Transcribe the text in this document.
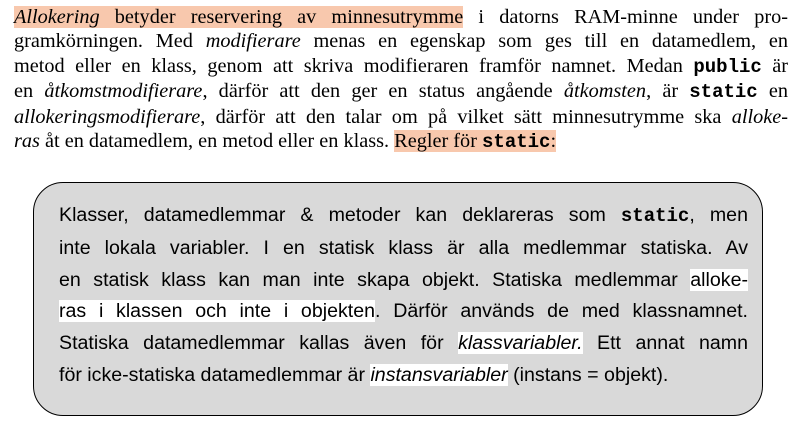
Allokering betyder reservering av minnesutrymme i datorns RAM-minne under pro-
gramkörningen. Med modifierare menas en egenskap som ges till en datamedlem, en
metod eller en klass, genom att skriva modifieraren framför namnet. Medan public är
en åtkomstmodifierare, därför att den ger en status angående åtkomsten, är static en
allokeringsmodifierare, därför att den talar om på vilket sätt minnesutrymme ska alloke-
ras åt en datamedlem, en metod eller en klass. Regler för static:
Klasser, datamedlemmar & metoder kan deklareras som static, men
inte lokala variabler. I en statisk klass är alla medlemmar statiska. Av
en statisk klass kan man inte skapa objekt. Statiska medlemmar alloke-
ras i klassen och inte i objekten. Därför används de med klassnamnet.
Statiska datamedlemmar kallas även för klassvariabler. Ett annat namn
för icke-statiska datamedlemmar är instansvariabler (instans = objekt).
